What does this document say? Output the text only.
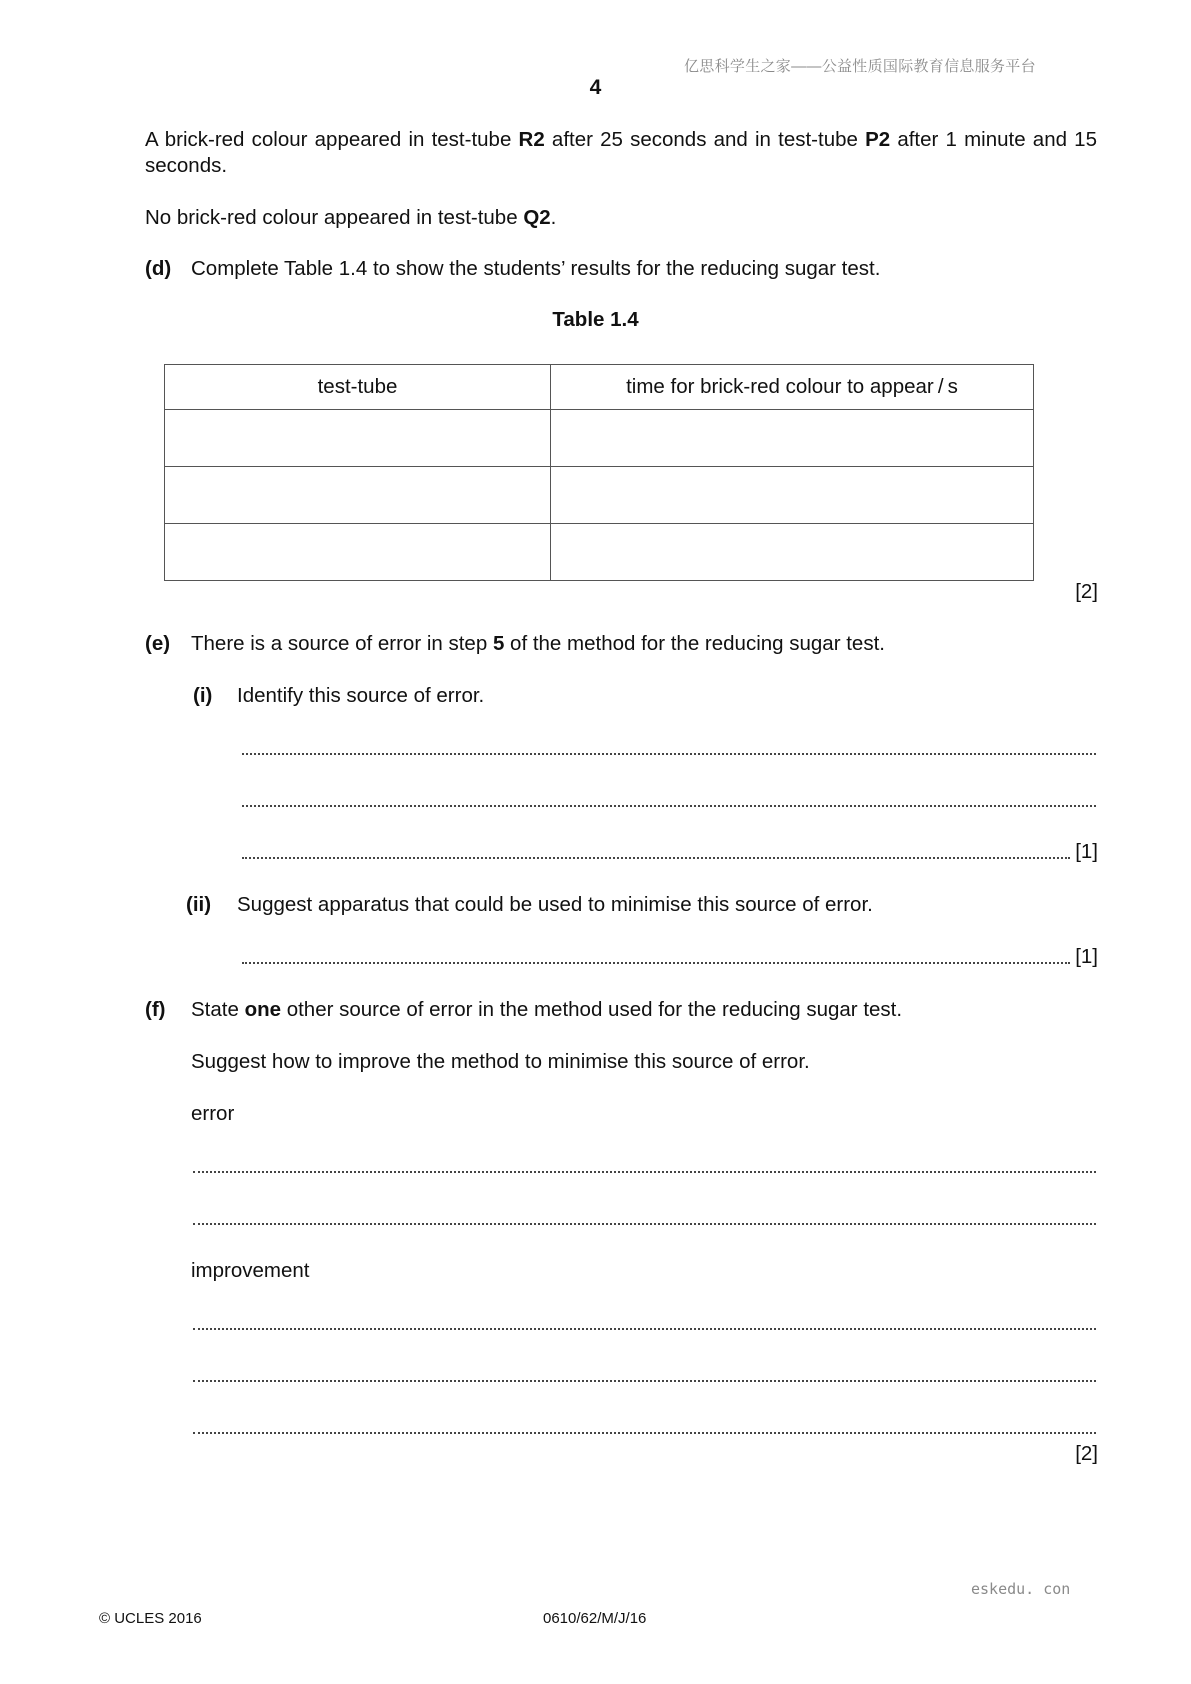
亿思科学生之家——公益性质国际教育信息服务平台
4
A brick-red colour appeared in test-tube R2 after 25 seconds and in test-tube P2 after 1 minute and 15 seconds.
No brick-red colour appeared in test-tube Q2.
(d) Complete Table 1.4 to show the students’ results for the reducing sugar test.
Table 1.4
test-tube	time for brick-red colour to appear / s

[2]
(e) There is a source of error in step 5 of the method for the reducing sugar test.
(i) Identify this source of error.
[1]
(ii) Suggest apparatus that could be used to minimise this source of error.
[1]
(f) State one other source of error in the method used for the reducing sugar test.
Suggest how to improve the method to minimise this source of error.
error
improvement
[2]
eskedu. con
© UCLES 2016	0610/62/M/J/16
